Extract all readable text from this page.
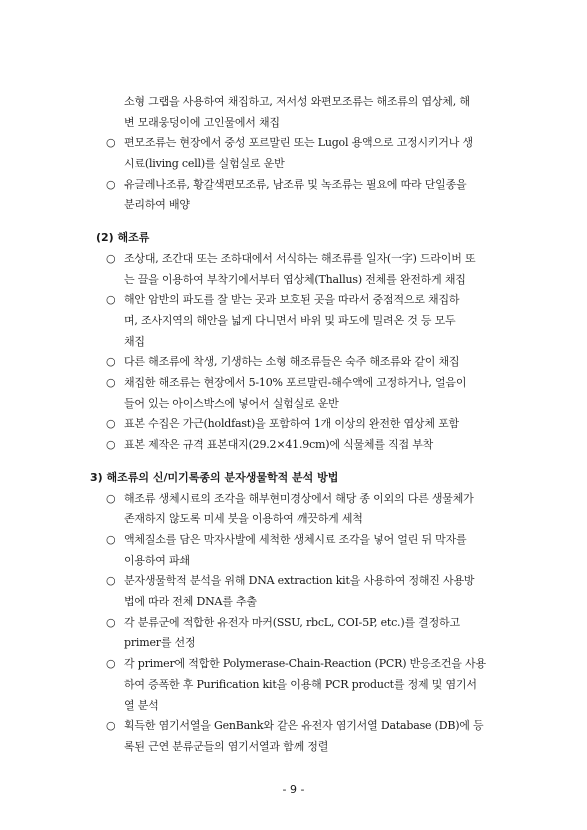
소형 그랩을 사용하여 채집하고, 저서성 와편모조류는 해조류의 엽상체, 해
변 모래웅덩이에 고인물에서 채집
○ 편모조류는 현장에서 중성 포르말린 또는 Lugol 용액으로 고정시키거나 생
시료(living cell)를 실험실로 운반
○ 유글레나조류, 황갈색편모조류, 남조류 및 녹조류는 필요에 따라 단일종을
분리하여 배양
(2) 해조류
○ 조상대, 조간대 또는 조하대에서 서식하는 해조류를 일자(一字) 드라이버 또
는 끌을 이용하여 부착기에서부터 엽상체(Thallus) 전체를 완전하게 채집
○ 해안 암반의 파도를 잘 받는 곳과 보호된 곳을 따라서 중점적으로 채집하
며, 조사지역의 해안을 넓게 다니면서 바위 및 파도에 밀려온 것 등 모두
채집
○ 다른 해조류에 착생, 기생하는 소형 해조류들은 숙주 해조류와 같이 채집
○ 채집한 해조류는 현장에서 5-10% 포르말린-해수액에 고정하거나, 얼음이
들어 있는 아이스박스에 넣어서 실험실로 운반
○ 표본 수집은 가근(holdfast)을 포함하여 1개 이상의 완전한 엽상체 포함
○ 표본 제작은 규격 표본대지(29.2×41.9cm)에 식물체를 직접 부착
3) 해조류의 신/미기록종의 분자생물학적 분석 방법
○ 해조류 생체시료의 조각을 해부현미경상에서 해당 종 이외의 다른 생물체가
존재하지 않도록 미세 붓을 이용하여 깨끗하게 세척
○ 액체질소를 담은 막자사발에 세척한 생체시료 조각을 넣어 얼린 뒤 막자를
이용하여 파쇄
○ 분자생물학적 분석을 위해 DNA extraction kit을 사용하여 정해진 사용방
법에 따라 전체 DNA를 추출
○ 각 분류군에 적합한 유전자 마커(SSU, rbcL, COI-5P, etc.)를 결정하고
primer를 선정
○ 각 primer에 적합한 Polymerase-Chain-Reaction (PCR) 반응조건을 사용
하여 증폭한 후 Purification kit을 이용해 PCR product를 정제 및 염기서
열 분석
○ 획득한 염기서열을 GenBank와 같은 유전자 염기서열 Database (DB)에 등
록된 근연 분류군들의 염기서열과 함께 정렬
- 9 -
